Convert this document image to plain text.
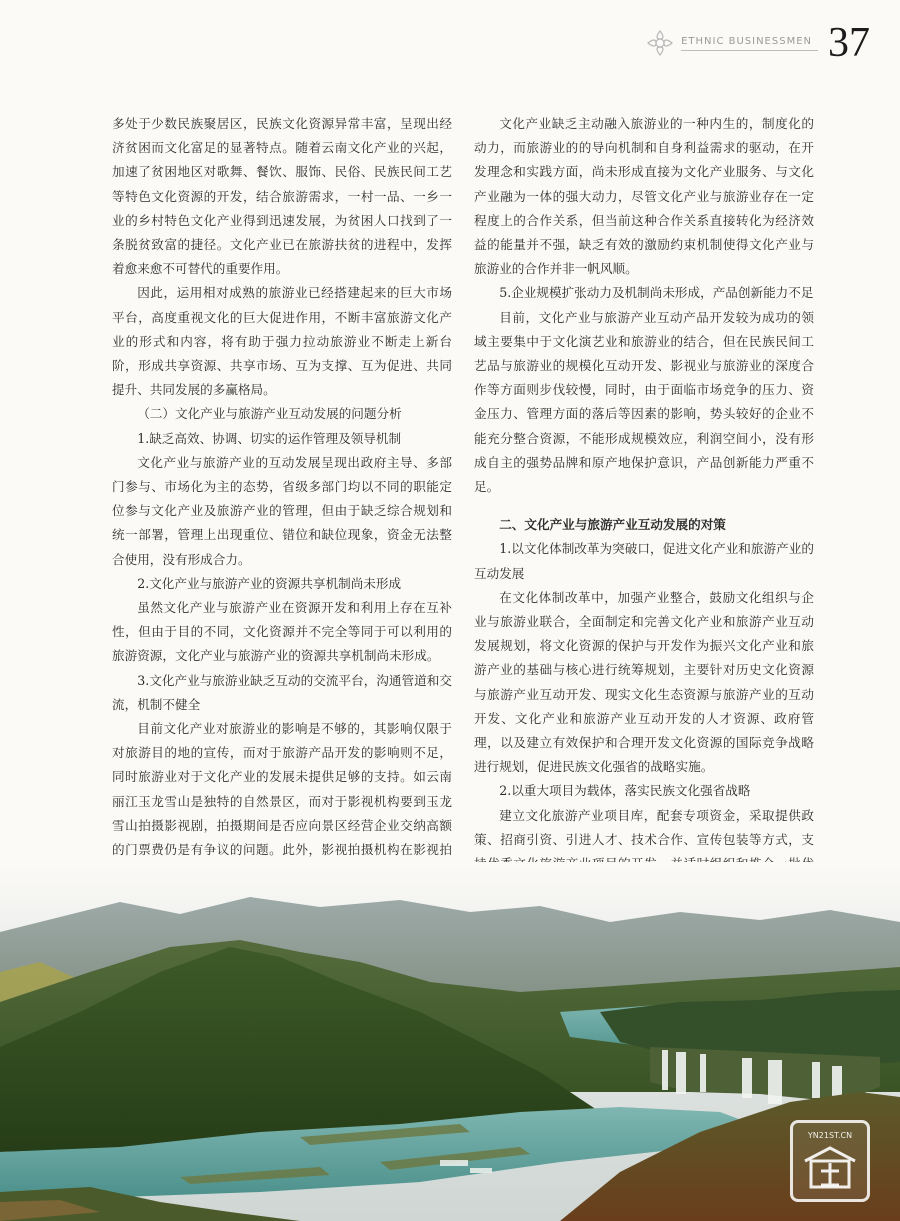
ETHNIC BUSINESSMEN 37

多处于少数民族聚居区，民族文化资源异常丰富，呈现出经济贫困而文化富足的显著特点。随着云南文化产业的兴起，加速了贫困地区对歌舞、餐饮、服饰、民俗、民族民间工艺等特色文化资源的开发，结合旅游需求，一村一品、一乡一业的乡村特色文化产业得到迅速发展，为贫困人口找到了一条脱贫致富的捷径。文化产业已在旅游扶贫的进程中，发挥着愈来愈不可替代的重要作用。

因此，运用相对成熟的旅游业已经搭建起来的巨大市场平台，高度重视文化的巨大促进作用，不断丰富旅游文化产业的形式和内容，将有助于强力拉动旅游业不断走上新台阶，形成共享资源、共享市场、互为支撑、互为促进、共同提升、共同发展的多赢格局。

（二）文化产业与旅游产业互动发展的问题分析

1.缺乏高效、协调、切实的运作管理及领导机制

文化产业与旅游产业的互动发展呈现出政府主导、多部门参与、市场化为主的态势，省级多部门均以不同的职能定位参与文化产业及旅游产业的管理，但由于缺乏综合规划和统一部署，管理上出现重位、错位和缺位现象，资金无法整合使用，没有形成合力。

2.文化产业与旅游产业的资源共享机制尚未形成

虽然文化产业与旅游产业在资源开发和利用上存在互补性，但由于目的不同，文化资源并不完全等同于可以利用的旅游资源，文化产业与旅游产业的资源共享机制尚未形成。

3.文化产业与旅游业缺乏互动的交流平台，沟通管道和交流，机制不健全

目前文化产业对旅游业的影响是不够的，其影响仅限于对旅游目的地的宣传，而对于旅游产品开发的影响则不足，同时旅游业对于文化产业的发展未提供足够的支持。如云南丽江玉龙雪山是独特的自然景区，而对于影视机构要到玉龙雪山拍摄影视剧，拍摄期间是否应向景区经营企业交纳高额的门票费仍是有争议的问题。此外，影视拍摄机构在影视拍

文化产业缺乏主动融入旅游业的一种内生的，制度化的动力，而旅游业的的导向机制和自身利益需求的驱动，在开发理念和实践方面，尚未形成直接为文化产业服务、与文化产业融为一体的强大动力，尽管文化产业与旅游业存在一定程度上的合作关系，但当前这种合作关系直接转化为经济效益的能量并不强，缺乏有效的激励约束机制使得文化产业与旅游业的合作并非一帆风顺。

5.企业规模扩张动力及机制尚未形成，产品创新能力不足

目前，文化产业与旅游产业互动产品开发较为成功的领域主要集中于文化演艺业和旅游业的结合，但在民族民间工艺品与旅游业的规模化互动开发、影视业与旅游业的深度合作等方面则步伐较慢，同时，由于面临市场竞争的压力、资金压力、管理方面的落后等因素的影响，势头较好的企业不能充分整合资源，不能形成规模效应，利润空间小，没有形成自主的强势品牌和原产地保护意识，产品创新能力严重不足。

二、文化产业与旅游产业互动发展的对策

1.以文化体制改革为突破口，促进文化产业和旅游产业的互动发展

在文化体制改革中，加强产业整合，鼓励文化组织与企业与旅游业联合，全面制定和完善文化产业和旅游产业互动发展规划，将文化资源的保护与开发作为振兴文化产业和旅游产业的基础与核心进行统筹规划，主要针对历史文化资源与旅游产业互动开发、现实文化生态资源与旅游产业的互动开发、文化产业和旅游产业互动开发的人才资源、政府管理，以及建立有效保护和合理开发文化资源的国际竞争战略进行规划，促进民族文化强省的战略实施。

2.以重大项目为载体，落实民族文化强省战略

建立文化旅游产业项目库，配套专项资金，采取提供政策、招商引资、引进人才、技术合作、宣传包装等方式，支

YN21ST.CN
